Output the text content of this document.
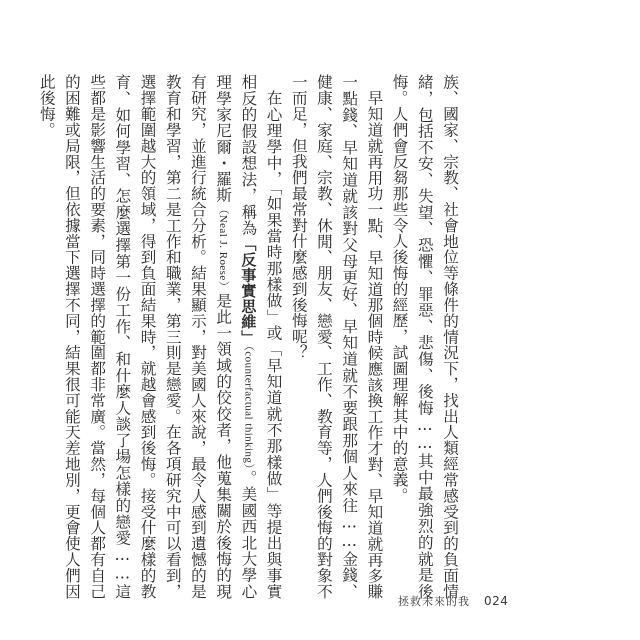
族、國家、宗教、社會地位等條件的情況下，找出人類經常感受到的負面情緒，包括不安、失望、恐懼、罪惡、悲傷、後悔……其中最強烈的就是後悔。人們會反芻那些令人後悔的經歷，試圖理解其中的意義。

早知道就再用功一點、早知道那個時候應該換工作才對、早知道就再多賺一點錢、早知道就該對父母更好、早知道就不要跟那個人來往……金錢、健康、家庭、宗教、休閒、朋友、戀愛、工作、教育等，人們後悔的對象不一而足，但我們最常對什麼感到後悔呢？

在心理學中，「如果當時那樣做」或「早知道就不那樣做」等提出與事實相反的假設想法，稱為「反事實思維」（counterfactual thinking）。美國西北大學心理學家尼爾・羅斯（Neal J. Roese）是此一領域的佼佼者，他蒐集關於後悔的現有研究，並進行統合分析。結果顯示，對美國人來說，最令人感到遺憾的是教育和學習，第二是工作和職業，第三則是戀愛。在各項研究中可以看到，選擇範圍越大的領域，得到負面結果時，就越會感到後悔。接受什麼樣的教育、如何學習、怎麼選擇第一份工作、和什麼人談了場怎樣的戀愛……這些都是影響生活的要素，同時選擇的範圍都非常廣。當然，每個人都有自己的困難或局限，但依據當下選擇不同，結果很可能天差地別，更會使人們因此後悔。

拯救未來的我 024
